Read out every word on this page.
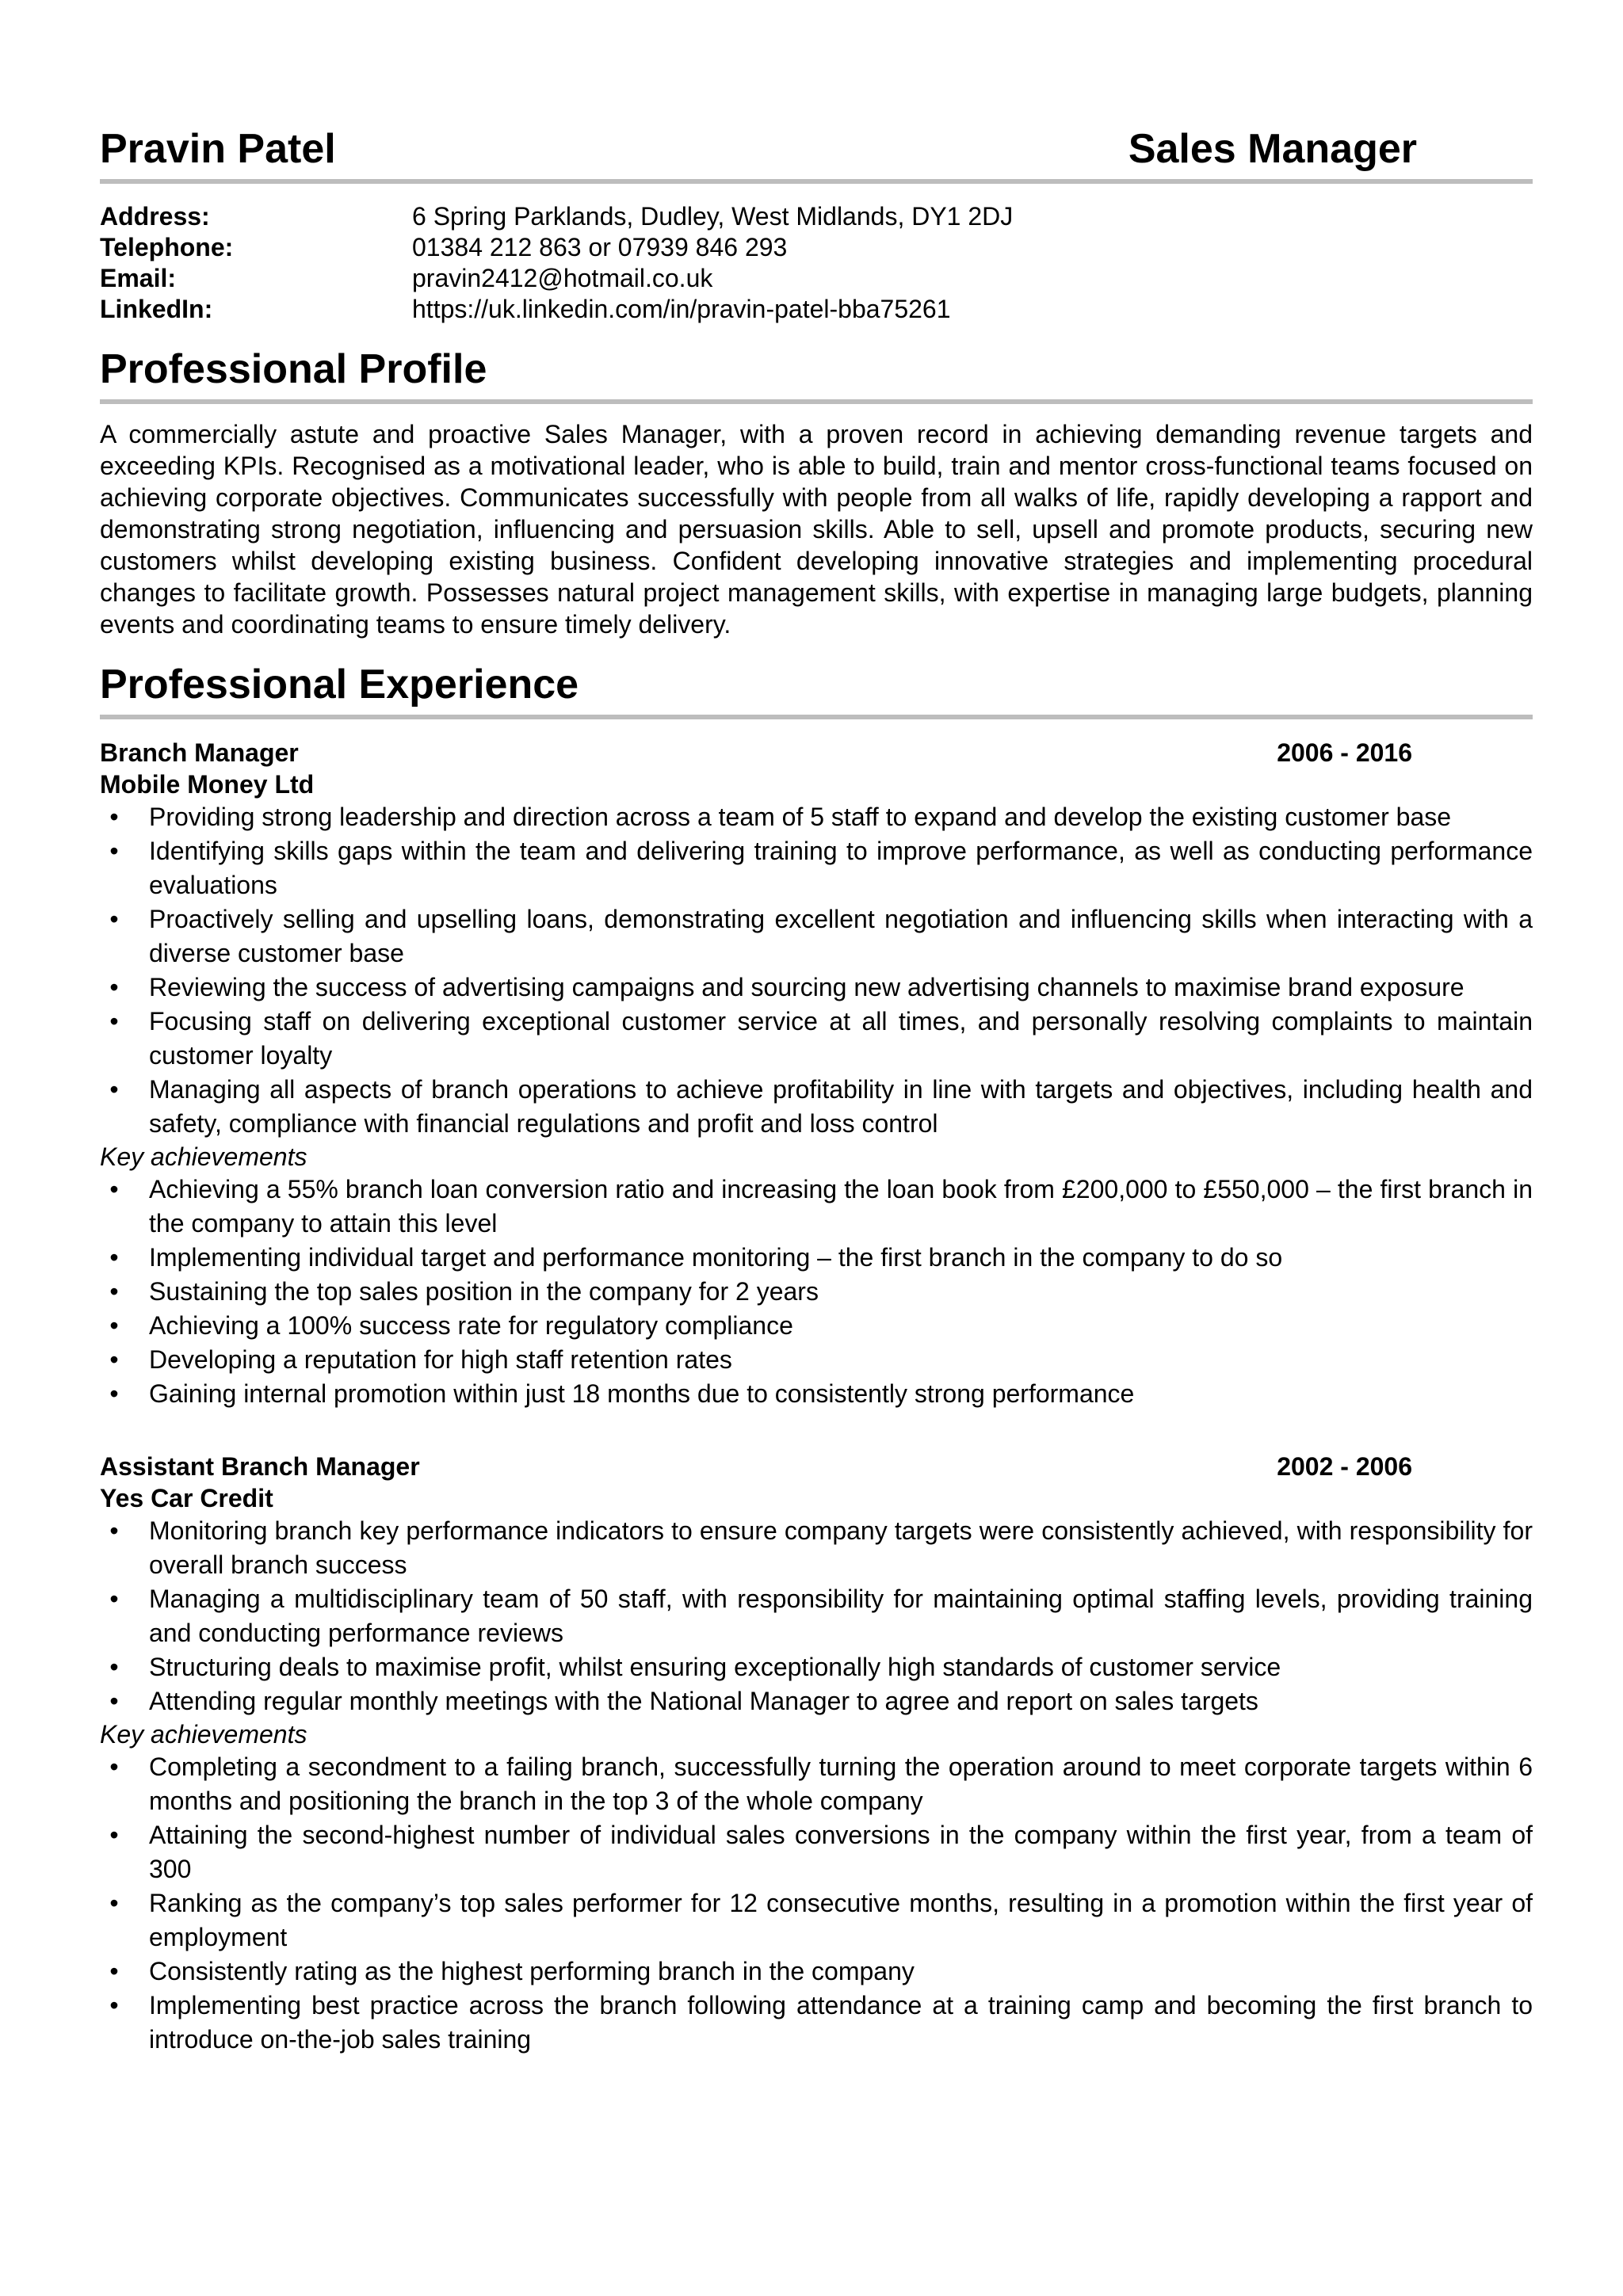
Pravin Patel	Sales Manager
Address:	6 Spring Parklands, Dudley, West Midlands, DY1 2DJ
Telephone:	01384 212 863 or 07939 846 293
Email:	pravin2412@hotmail.co.uk
LinkedIn:	https://uk.linkedin.com/in/pravin-patel-bba75261
Professional Profile
A commercially astute and proactive Sales Manager, with a proven record in achieving demanding revenue targets and exceeding KPIs. Recognised as a motivational leader, who is able to build, train and mentor cross-functional teams focused on achieving corporate objectives. Communicates successfully with people from all walks of life, rapidly developing a rapport and demonstrating strong negotiation, influencing and persuasion skills. Able to sell, upsell and promote products, securing new customers whilst developing existing business. Confident developing innovative strategies and implementing procedural changes to facilitate growth. Possesses natural project management skills, with expertise in managing large budgets, planning events and coordinating teams to ensure timely delivery.
Professional Experience
Branch Manager	2006 - 2016
Mobile Money Ltd
• Providing strong leadership and direction across a team of 5 staff to expand and develop the existing customer base
• Identifying skills gaps within the team and delivering training to improve performance, as well as conducting performance evaluations
• Proactively selling and upselling loans, demonstrating excellent negotiation and influencing skills when interacting with a diverse customer base
• Reviewing the success of advertising campaigns and sourcing new advertising channels to maximise brand exposure
• Focusing staff on delivering exceptional customer service at all times, and personally resolving complaints to maintain customer loyalty
• Managing all aspects of branch operations to achieve profitability in line with targets and objectives, including health and safety, compliance with financial regulations and profit and loss control
Key achievements
• Achieving a 55% branch loan conversion ratio and increasing the loan book from £200,000 to £550,000 – the first branch in the company to attain this level
• Implementing individual target and performance monitoring – the first branch in the company to do so
• Sustaining the top sales position in the company for 2 years
• Achieving a 100% success rate for regulatory compliance
• Developing a reputation for high staff retention rates
• Gaining internal promotion within just 18 months due to consistently strong performance
Assistant Branch Manager	2002 - 2006
Yes Car Credit
• Monitoring branch key performance indicators to ensure company targets were consistently achieved, with responsibility for overall branch success
• Managing a multidisciplinary team of 50 staff, with responsibility for maintaining optimal staffing levels, providing training and conducting performance reviews
• Structuring deals to maximise profit, whilst ensuring exceptionally high standards of customer service
• Attending regular monthly meetings with the National Manager to agree and report on sales targets
Key achievements
• Completing a secondment to a failing branch, successfully turning the operation around to meet corporate targets within 6 months and positioning the branch in the top 3 of the whole company
• Attaining the second-highest number of individual sales conversions in the company within the first year, from a team of 300
• Ranking as the company’s top sales performer for 12 consecutive months, resulting in a promotion within the first year of employment
• Consistently rating as the highest performing branch in the company
• Implementing best practice across the branch following attendance at a training camp and becoming the first branch to introduce on-the-job sales training
